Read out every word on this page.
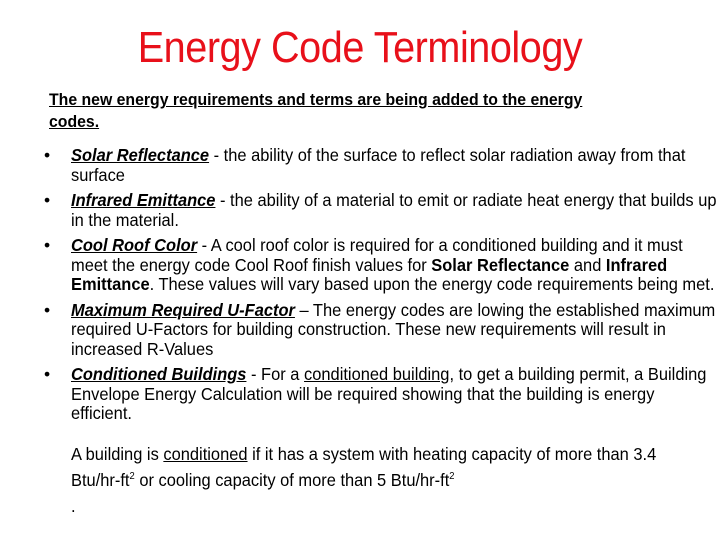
Energy Code Terminology
The new energy requirements and terms are being added to the energy codes.
•	Solar Reflectance - the ability of the surface to reflect solar radiation away from that surface
•	Infrared Emittance - the ability of a material to emit or radiate heat energy that builds up in the material.
•	Cool Roof Color - A cool roof color is required for a conditioned building and it must meet the energy code Cool Roof finish values for Solar Reflectance and Infrared Emittance. These values will vary based upon the energy code requirements being met.
•	Maximum Required U-Factor – The energy codes are lowing the established maximum required U-Factors for building construction. These new requirements will result in increased R-Values
•	Conditioned Buildings - For a conditioned building, to get a building permit, a Building Envelope Energy Calculation will be required showing that the building is energy efficient.
A building is conditioned if it has a system with heating capacity of more than 3.4 Btu/$hr-ft^2$ or cooling capacity of more than 5 Btu/$hr-ft^2$
.
